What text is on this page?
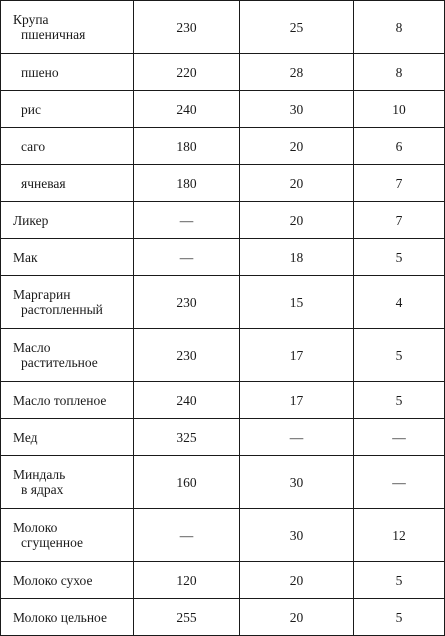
Крупа
пшеничная	230	25	8

пшено	220	28	8

рис	240	30	10

саго	180	20	6

ячневая	180	20	7

Ликер	—	20	7

Мак	—	18	5

Маргарин
растопленный	230	15	4

Масло
растительное	230	17	5

Масло топленое	240	17	5

Мед	325	—	—

Миндаль
в ядрах	160	30	—

Молоко
сгущенное	—	30	12

Молоко сухое	120	20	5

Молоко цельное	255	20	5
